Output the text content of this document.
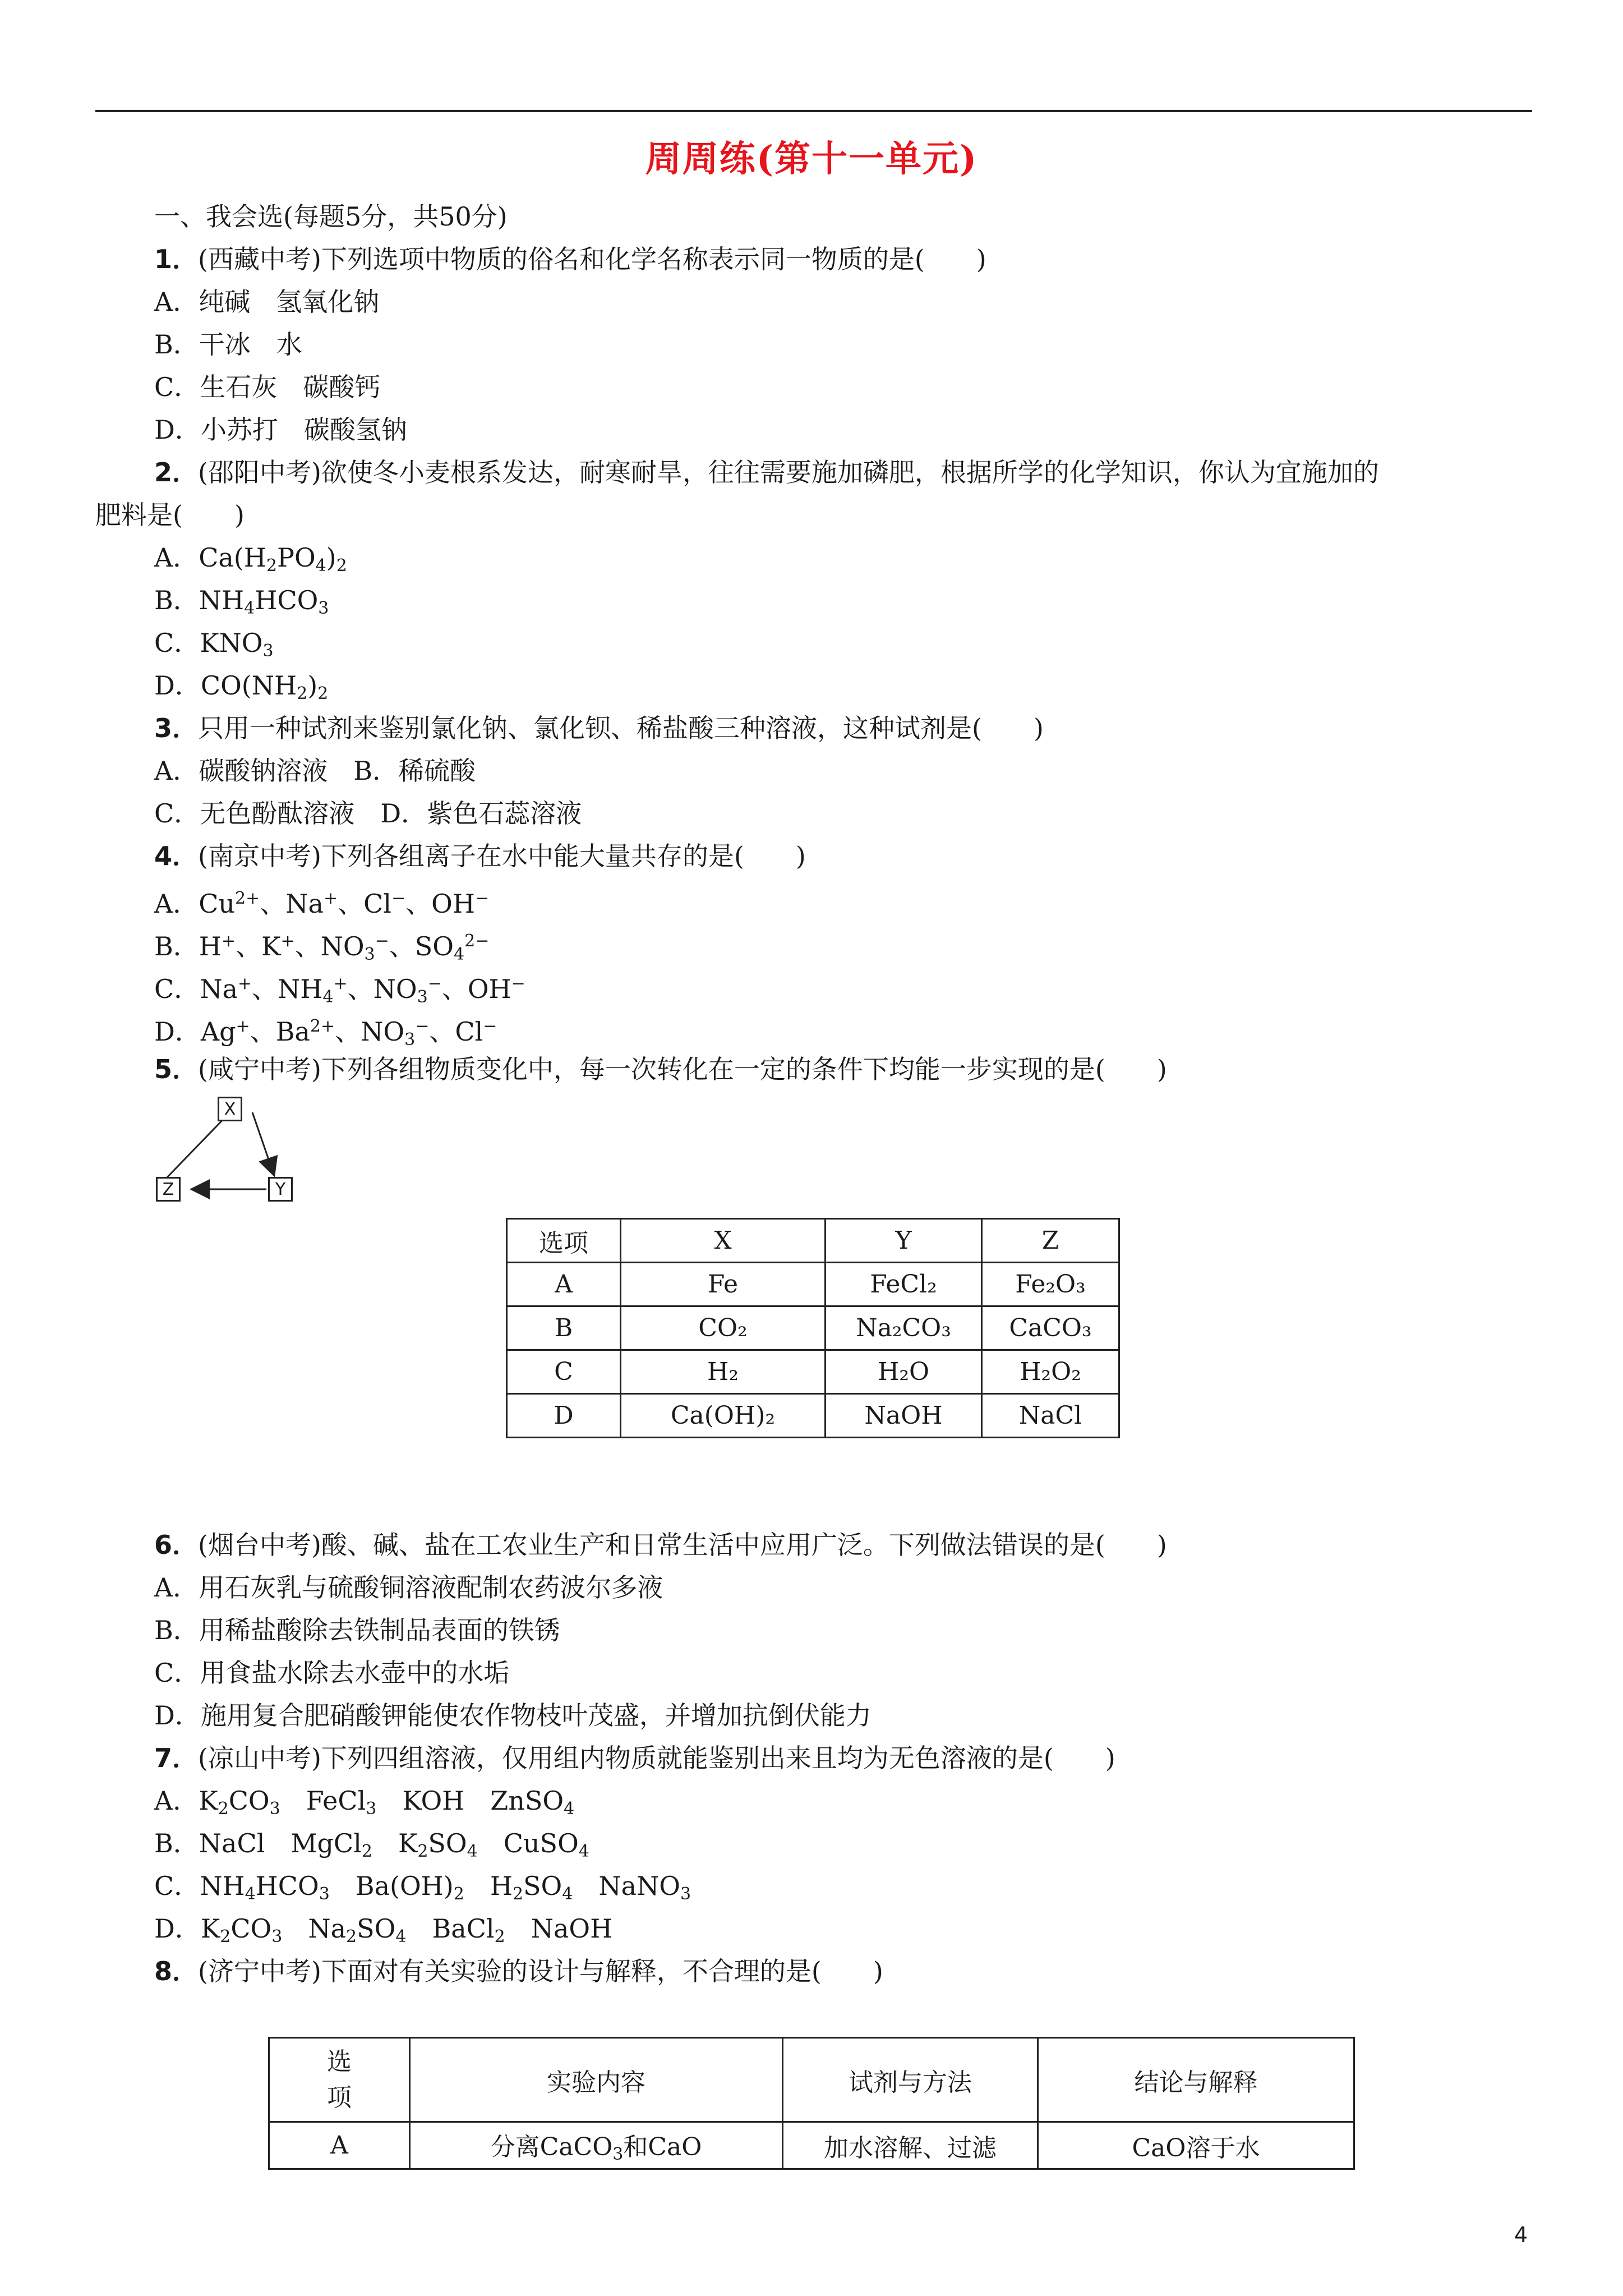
周周练(第十一单元)
一、我会选(每题5分，共50分)
1．(西藏中考)下列选项中物质的俗名和化学名称表示同一物质的是(　　)
A．纯碱　氢氧化钠
B．干冰　水
C．生石灰　碳酸钙
D．小苏打　碳酸氢钠
2．(邵阳中考)欲使冬小麦根系发达，耐寒耐旱，往往需要施加磷肥，根据所学的化学知识，你认为宜施加的
肥料是(　　)
A．$Ca(H_2PO_4)_2$
B．$NH_4HCO_3$
C．$KNO_3$
D．$CO(NH_2)_2$
3．只用一种试剂来鉴别氯化钠、氯化钡、稀盐酸三种溶液，这种试剂是(　　)
A．碳酸钠溶液　B．稀硫酸
C．无色酚酞溶液　D．紫色石蕊溶液
4．(南京中考)下列各组离子在水中能大量共存的是(　　)
A．$Cu^{2+}$、Na+、Cl−、OH−
B．H+、K+、$NO_3^-$、$SO_4^{2-}$
C．Na+、$NH_4^+$、$NO_3^-$、OH−
D．Ag+、$Ba^{2+}$、$NO_3^-$、Cl−
5．(咸宁中考)下列各组物质变化中，每一次转化在一定的条件下均能一步实现的是(　　)
X
Y
Z
选项	X	Y	Z
A	Fe	FeCl₂	Fe₂O₃
B	CO₂	Na₂CO₃	CaCO₃
C	H₂	H₂O	H₂O₂
D	Ca(OH)₂	NaOH	NaCl
6．(烟台中考)酸、碱、盐在工农业生产和日常生活中应用广泛。下列做法错误的是(　　)
A．用石灰乳与硫酸铜溶液配制农药波尔多液
B．用稀盐酸除去铁制品表面的铁锈
C．用食盐水除去水壶中的水垢
D．施用复合肥硝酸钾能使农作物枝叶茂盛，并增加抗倒伏能力
7．(凉山中考)下列四组溶液，仅用组内物质就能鉴别出来且均为无色溶液的是(　　)
A．$K_2CO_3$　FeCl$_3$　KOH　ZnSO$_4$
B．NaCl　MgCl$_2$　$K_2SO_4$　CuSO$_4$
C．$NH_4HCO_3$　$Ba(OH)_2$　$H_2SO_4$　NaNO$_3$
D．$K_2CO_3$　$Na_2SO_4$　BaCl$_2$　NaOH
8．(济宁中考)下面对有关实验的设计与解释，不合理的是(　　)
选
项	实验内容	试剂与方法	结论与解释
A	分离CaCO$_3$和CaO	加水溶解、过滤	CaO溶于水
4
